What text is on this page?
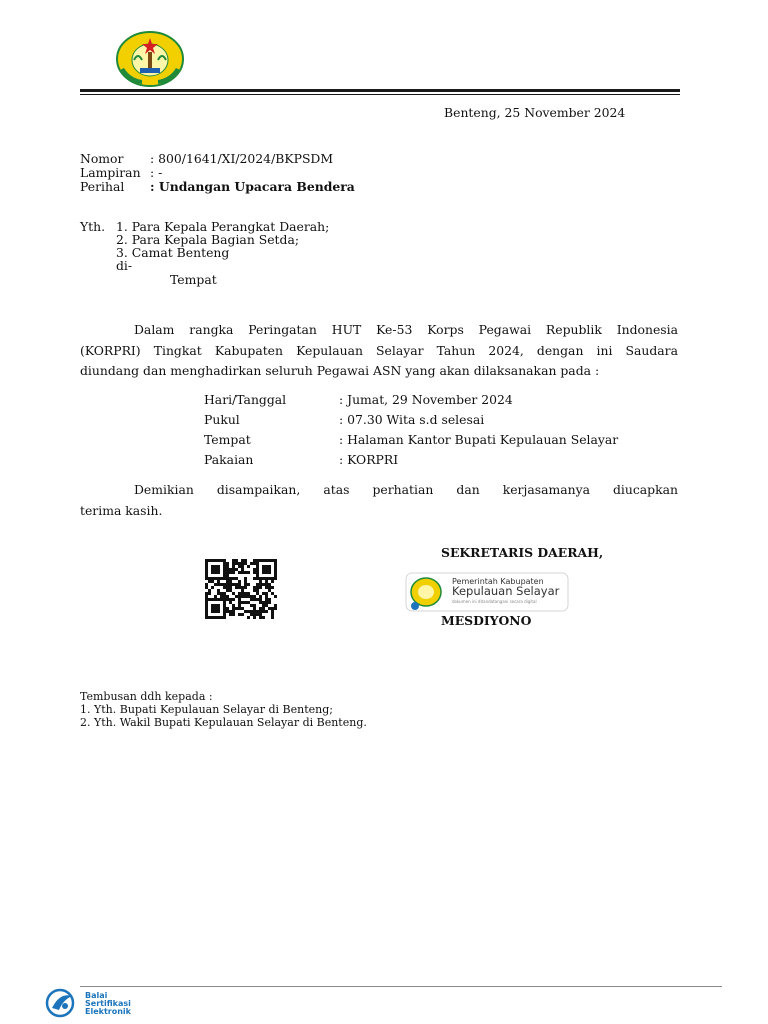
Benteng, 25 November 2024
Nomor : 800/1641/XI/2024/BKPSDM
Lampiran : -
Perihal : Undangan Upacara Bendera
Yth. 1. Para Kepala Perangkat Daerah;
2. Para Kepala Bagian Setda;
3. Camat Benteng
di-
Tempat
Dalam rangka Peringatan HUT Ke-53 Korps Pegawai Republik Indonesia
(KORPRI) Tingkat Kabupaten Kepulauan Selayar Tahun 2024, dengan ini Saudara
diundang dan menghadirkan seluruh Pegawai ASN yang akan dilaksanakan pada :
Hari/Tanggal	: Jumat, 29 November 2024
Pukul	: 07.30 Wita s.d selesai
Tempat	: Halaman Kantor Bupati Kepulauan Selayar
Pakaian	: KORPRI
Demikian disampaikan, atas perhatian dan kerjasamanya diucapkan
terima kasih.
SEKRETARIS DAERAH,
Pemerintah Kabupaten
Kepulauan Selayar
dokumen ini ditandatangani secara digital
MESDIYONO
Tembusan ddh kepada :
1. Yth. Bupati Kepulauan Selayar di Benteng;
2. Yth. Wakil Bupati Kepulauan Selayar di Benteng.
Balai
Sertifikasi
Elektronik
